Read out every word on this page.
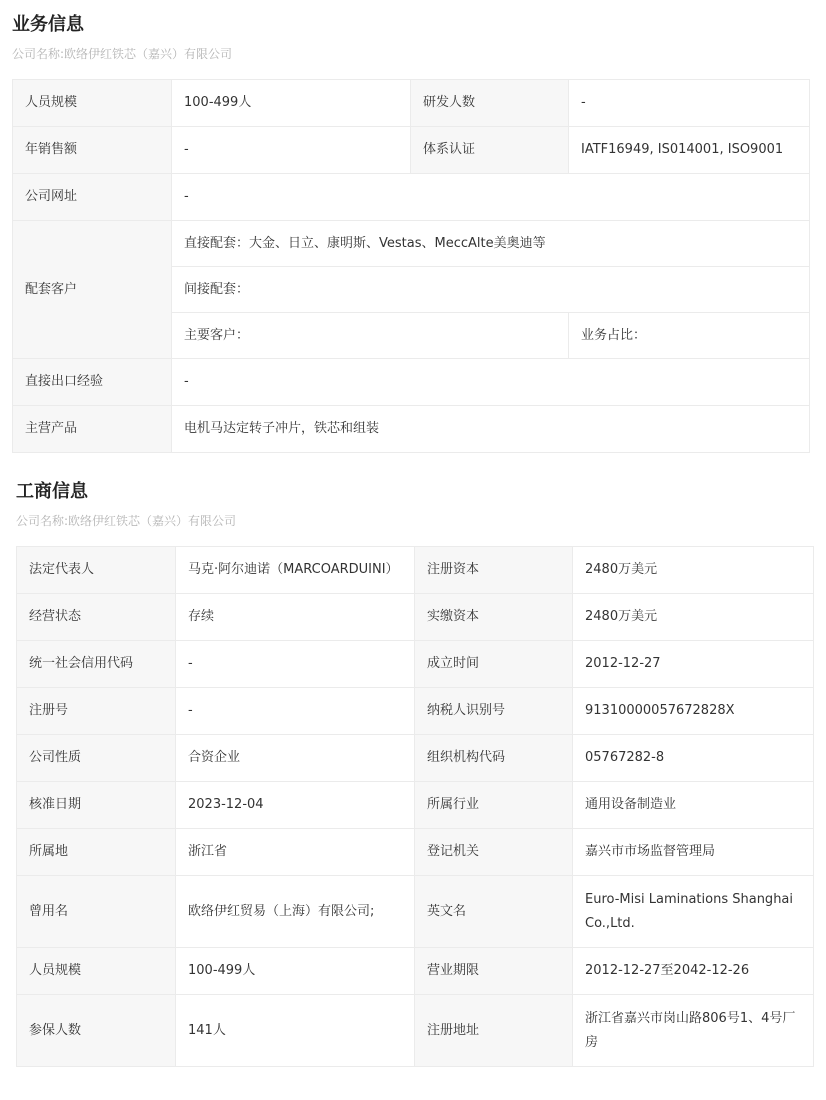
业务信息

公司名称:欧络伊红铁芯（嘉兴）有限公司

人员规模	100-499人	研发人数	-
年销售额	-	体系认证	IATF16949, IS014001, ISO9001
公司网址	-		
配套客户	直接配套：大金、日立、康明斯、Vestas、MeccAlte美奥迪等		
	间接配套：		
	主要客户：		业务占比：
直接出口经验	-		
主营产品	电机马达定转子冲片，铁芯和组装		
工商信息

公司名称:欧络伊红铁芯（嘉兴）有限公司

法定代表人	马克·阿尔迪诺（MARCOARDUINI）	注册资本	2480万美元
经营状态	存续	实缴资本	2480万美元
统一社会信用代码	-	成立时间	2012-12-27
注册号	-	纳税人识别号	91310000057672828X
公司性质	合资企业	组织机构代码	05767282-8
核准日期	2023-12-04	所属行业	通用设备制造业
所属地	浙江省	登记机关	嘉兴市市场监督管理局
曾用名	欧络伊红贸易（上海）有限公司;	英文名	Euro-Misi Laminations Shanghai Co.,Ltd.
人员规模	100-499人	营业期限	2012-12-27至2042-12-26
参保人数	141人	注册地址	浙江省嘉兴市岗山路806号1、4号厂房
